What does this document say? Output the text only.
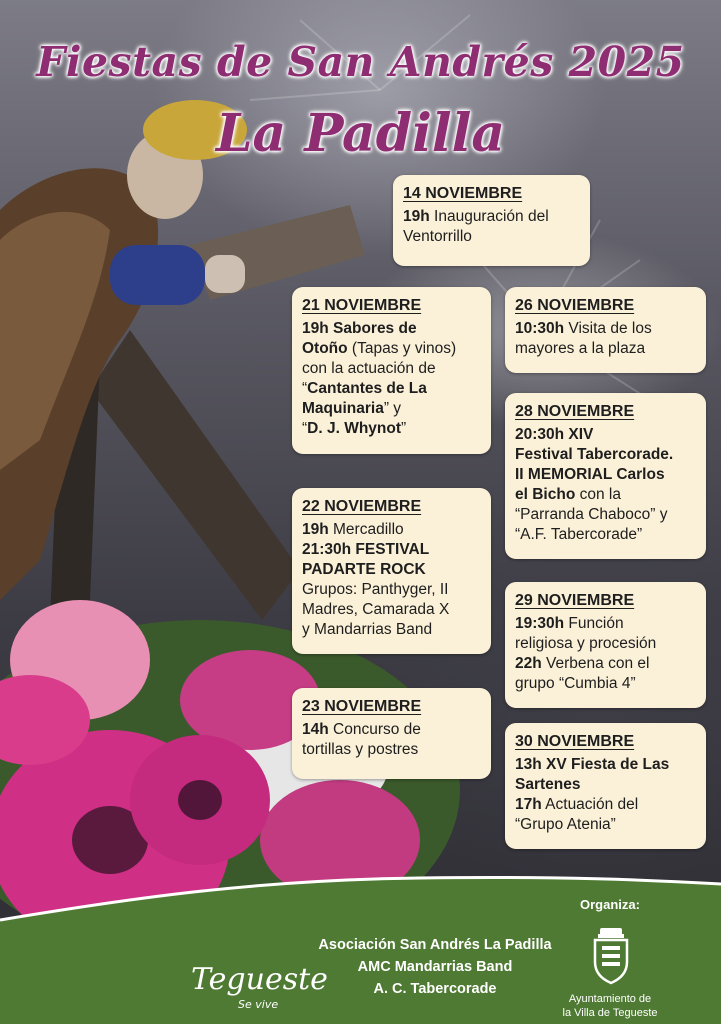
Fiestas de San Andrés 2025
La Padilla
14 NOVIEMBRE
19h Inauguración del
Ventorrillo
21 NOVIEMBRE
19h Sabores de
Otoño (Tapas y vinos)
con la actuación de
“Cantantes de La
Maquinaria” y
“D. J. Whynot”
26 NOVIEMBRE
10:30h Visita de los
mayores a la plaza
28 NOVIEMBRE
20:30h XIV
Festival Tabercorade.
II MEMORIAL Carlos
el Bicho con la
“Parranda Chaboco” y
“A.F. Tabercorade”
22 NOVIEMBRE
19h Mercadillo
21:30h FESTIVAL
PADARTE ROCK
Grupos: Panthyger, II
Madres, Camarada X
y Mandarrias Band
29 NOVIEMBRE
19:30h Función
religiosa y procesión
22h Verbena con el
grupo “Cumbia 4”
23 NOVIEMBRE
14h Concurso de
tortillas y postres	30 NOVIEMBRE
13h XV Fiesta de Las
Sartenes
17h Actuación del
“Grupo Atenia”
Organiza:
Asociación San Andrés La Padilla
AMC Mandarrias Band
A. C. Tabercorade
Tegueste
Se vive	Ayuntamiento de
la Villa de Tegueste
